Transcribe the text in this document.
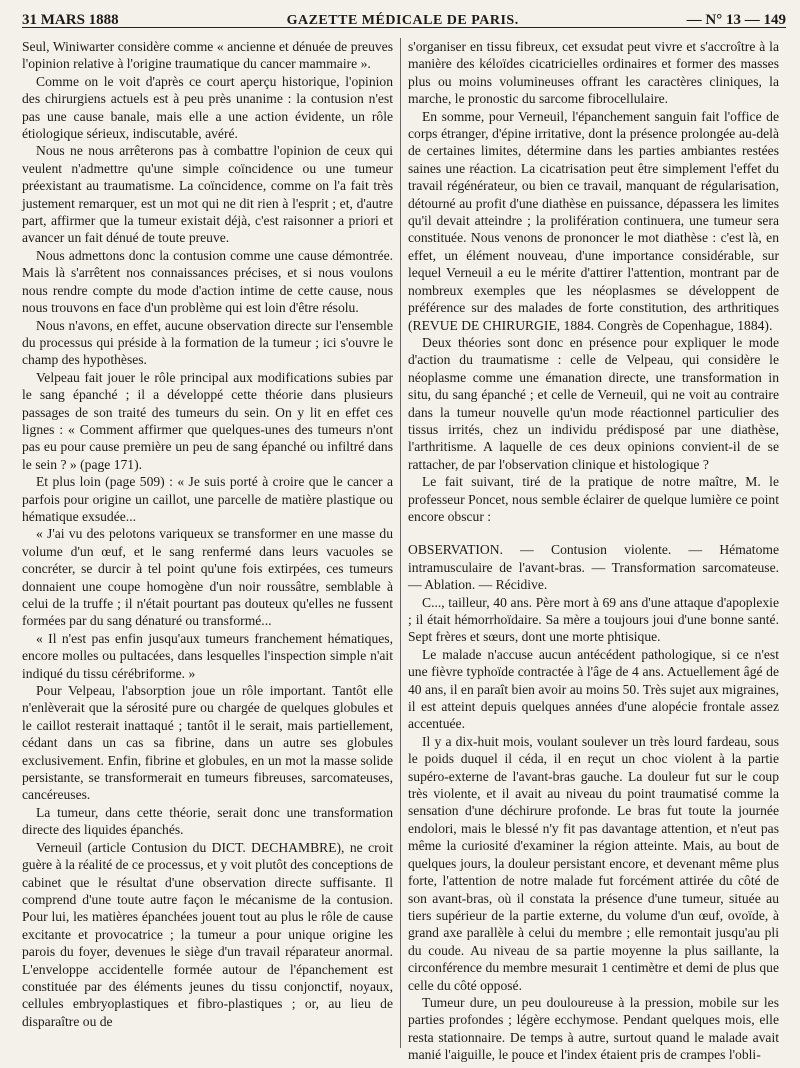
31 MARS 1888	GAZETTE MÉDICALE DE PARIS.	— N° 13 — 149

Seul, Winiwarter considère comme « ancienne et dénuée de preuves l'opinion relative à l'origine traumatique du cancer mammaire ».

Comme on le voit d'après ce court aperçu historique, l'opinion des chirurgiens actuels est à peu près unanime : la contusion n'est pas une cause banale, mais elle a une action évidente, un rôle étiologique sérieux, indiscutable, avéré.

Nous ne nous arrêterons pas à combattre l'opinion de ceux qui veulent n'admettre qu'une simple coïncidence ou une tumeur préexistant au traumatisme. La coïncidence, comme on l'a fait très justement remarquer, est un mot qui ne dit rien à l'esprit ; et, d'autre part, affirmer que la tumeur existait déjà, c'est raisonner a priori et avancer un fait dénué de toute preuve.

Nous admettons donc la contusion comme une cause démontrée. Mais là s'arrêtent nos connaissances précises, et si nous voulons nous rendre compte du mode d'action intime de cette cause, nous nous trouvons en face d'un problème qui est loin d'être résolu.

Nous n'avons, en effet, aucune observation directe sur l'ensemble du processus qui préside à la formation de la tumeur ; ici s'ouvre le champ des hypothèses.

Velpeau fait jouer le rôle principal aux modifications subies par le sang épanché ; il a développé cette théorie dans plusieurs passages de son traité des tumeurs du sein. On y lit en effet ces lignes : « Comment affirmer que quelques-unes des tumeurs n'ont pas eu pour cause première un peu de sang épanché ou infiltré dans le sein ? » (page 171).

Et plus loin (page 509) : « Je suis porté à croire que le cancer a parfois pour origine un caillot, une parcelle de matière plastique ou hématique exsudée...

« J'ai vu des pelotons variqueux se transformer en une masse du volume d'un œuf, et le sang renfermé dans leurs vacuoles se concréter, se durcir à tel point qu'une fois extirpées, ces tumeurs donnaient une coupe homogène d'un noir roussâtre, semblable à celui de la truffe ; il n'était pourtant pas douteux qu'elles ne fussent formées par du sang dénaturé ou transformé...

« Il n'est pas enfin jusqu'aux tumeurs franchement hématiques, encore molles ou pultacées, dans lesquelles l'inspection simple n'ait indiqué du tissu cérébriforme. »

Pour Velpeau, l'absorption joue un rôle important. Tantôt elle n'enlèverait que la sérosité pure ou chargée de quelques globules et le caillot resterait inattaqué ; tantôt il le serait, mais partiellement, cédant dans un cas sa fibrine, dans un autre ses globules exclusivement. Enfin, fibrine et globules, en un mot la masse solide persistante, se transformerait en tumeurs fibreuses, sarcomateuses, cancéreuses.

La tumeur, dans cette théorie, serait donc une transformation directe des liquides épanchés.

Verneuil (article Contusion du DICT. DECHAMBRE), ne croit guère à la réalité de ce processus, et y voit plutôt des conceptions de cabinet que le résultat d'une observation directe suffisante. Il comprend d'une toute autre façon le mécanisme de la contusion. Pour lui, les matières épanchées jouent tout au plus le rôle de cause excitante et provocatrice ; la tumeur a pour unique origine les parois du foyer, devenues le siège d'un travail réparateur anormal. L'enveloppe accidentelle formée autour de l'épanchement est constituée par des éléments jeunes du tissu conjonctif, noyaux, cellules embryoplastiques et fibro-plastiques ; or, au lieu de disparaître ou de

s'organiser en tissu fibreux, cet exsudat peut vivre et s'accroître à la manière des kéloïdes cicatricielles ordinaires et former des masses plus ou moins volumineuses offrant les caractères cliniques, la marche, le pronostic du sarcome fibrocellulaire.

En somme, pour Verneuil, l'épanchement sanguin fait l'office de corps étranger, d'épine irritative, dont la présence prolongée au-delà de certaines limites, détermine dans les parties ambiantes restées saines une réaction. La cicatrisation peut être simplement l'effet du travail régénérateur, ou bien ce travail, manquant de régularisation, détourné au profit d'une diathèse en puissance, dépassera les limites qu'il devait atteindre ; la prolifération continuera, une tumeur sera constituée. Nous venons de prononcer le mot diathèse : c'est là, en effet, un élément nouveau, d'une importance considérable, sur lequel Verneuil a eu le mérite d'attirer l'attention, montrant par de nombreux exemples que les néoplasmes se développent de préférence sur des malades de forte constitution, des arthritiques (REVUE DE CHIRURGIE, 1884. Congrès de Copenhague, 1884).

Deux théories sont donc en présence pour expliquer le mode d'action du traumatisme : celle de Velpeau, qui considère le néoplasme comme une émanation directe, une transformation in situ, du sang épanché ; et celle de Verneuil, qui ne voit au contraire dans la tumeur nouvelle qu'un mode réactionnel particulier des tissus irrités, chez un individu prédisposé par une diathèse, l'arthritisme. A laquelle de ces deux opinions convient-il de se rattacher, de par l'observation clinique et histologique ?

Le fait suivant, tiré de la pratique de notre maître, M. le professeur Poncet, nous semble éclairer de quelque lumière ce point encore obscur :

OBSERVATION. — Contusion violente. — Hématome intramusculaire de l'avant-bras. — Transformation sarcomateuse. — Ablation. — Récidive.

C..., tailleur, 40 ans. Père mort à 69 ans d'une attaque d'apoplexie ; il était hémorrhoïdaire. Sa mère a toujours joui d'une bonne santé. Sept frères et sœurs, dont une morte phtisique.

Le malade n'accuse aucun antécédent pathologique, si ce n'est une fièvre typhoïde contractée à l'âge de 4 ans. Actuellement âgé de 40 ans, il en paraît bien avoir au moins 50. Très sujet aux migraines, il est atteint depuis quelques années d'une alopécie frontale assez accentuée.

Il y a dix-huit mois, voulant soulever un très lourd fardeau, sous le poids duquel il céda, il en reçut un choc violent à la partie supéro-externe de l'avant-bras gauche. La douleur fut sur le coup très violente, et il avait au niveau du point traumatisé comme la sensation d'une déchirure profonde. Le bras fut toute la journée endolori, mais le blessé n'y fit pas davantage attention, et n'eut pas même la curiosité d'examiner la région atteinte. Mais, au bout de quelques jours, la douleur persistant encore, et devenant même plus forte, l'attention de notre malade fut forcément attirée du côté de son avant-bras, où il constata la présence d'une tumeur, située au tiers supérieur de la partie externe, du volume d'un œuf, ovoïde, à grand axe parallèle à celui du membre ; elle remontait jusqu'au pli du coude. Au niveau de sa partie moyenne la plus saillante, la circonférence du membre mesurait 1 centimètre et demi de plus que celle du côté opposé.

Tumeur dure, un peu douloureuse à la pression, mobile sur les parties profondes ; légère ecchymose. Pendant quelques mois, elle resta stationnaire. De temps à autre, surtout quand le malade avait manié l'aiguille, le pouce et l'index étaient pris de crampes l'obli-
